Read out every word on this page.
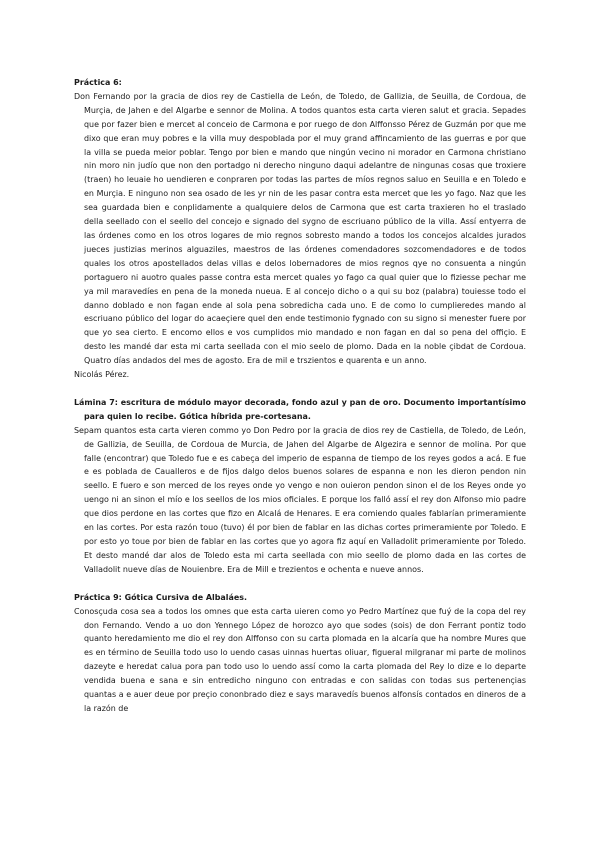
Práctica 6:

Don Fernando por la gracia de dios rey de Castiella de León, de Toledo, de Gallizia, de Seuilla, de Cordoua, de Murçia, de Jahen e del Algarbe e sennor de Molina. A todos quantos esta carta vieren salut et gracia. Sepades que por fazer bien e mercet al conceio de Carmona e por ruego de don Alffonsso Pérez de Guzmán por que me dixo que eran muy pobres e la villa muy despoblada por el muy grand affincamiento de las guerras e por que la villa se pueda meior poblar. Tengo por bien e mando que ningún vecino ni morador en Carmona christiano nin moro nin judío que non den portadgo ni derecho ninguno daqui adelantre de ningunas cosas que troxiere (traen) ho leuaie ho uendieren e conpraren por todas las partes de míos regnos saluo en Seuilla e en Toledo e en Murçia. E ninguno non sea osado de les yr nin de les pasar contra esta mercet que les yo fago. Naz que les sea guardada bien e conplidamente a qualquiere delos de Carmona que est carta traxieren ho el traslado della seellado con el seello del concejo e signado del sygno de escriuano público de la villa. Assí entyerra de las órdenes como en los otros logares de mio regnos sobresto mando a todos los concejos alcaldes jurados jueces justizias merinos alguaziles, maestros de las órdenes comendadores sozcomendadores e de todos quales los otros apostellados delas villas e delos lobernadores de mios regnos qye no consuenta a ningún portaguero ni auotro quales passe contra esta mercet quales yo fago ca qual quier que lo fiziesse pechar me ya mil maravedíes en pena de la moneda nueua. E al concejo dicho o a qui su boz (palabra) touiesse todo el danno doblado e non fagan ende al sola pena sobredicha cada uno. E de como lo cumplieredes mando al escriuano público del logar do acaeçiere quel den ende testimonio fygnado con su signo si menester fuere por que yo sea cierto. E encomo ellos e vos cumplidos mio mandado e non fagan en dal so pena del offiçio. E desto les mandé dar esta mi carta seellada con el mio seelo de plomo. Dada en la noble çibdat de Cordoua. Quatro días andados del mes de agosto. Era de mil e trszientos e quarenta e un anno.

Nicolás Pérez.

Lámina 7: escritura de módulo mayor decorada, fondo azul y pan de oro. Documento importantísimo para quien lo recibe. Gótica híbrida pre-cortesana.

Sepam quantos esta carta vieren commo yo Don Pedro por la gracia de dios rey de Castiella, de Toledo, de León, de Gallizia, de Seuilla, de Cordoua de Murcia, de Jahen del Algarbe de Algezira e sennor de molina. Por que falle (encontrar) que Toledo fue e es cabeça del imperio de espanna de tiempo de los reyes godos a acá. E fue e es poblada de Caualleros e de fijos dalgo delos buenos solares de espanna e non les dieron pendon nin seello. E fuero e son merced de los reyes onde yo vengo e non ouieron pendon sinon el de los Reyes onde yo uengo ni an sinon el mío e los seellos de los mios oficiales. E porque los falló assí el rey don Alfonso mio padre que dios perdone en las cortes que fizo en Alcalá de Henares. E era comiendo quales fablarían primeramiente en las cortes. Por esta razón touo (tuvo) él por bien de fablar en las dichas cortes primeramiente por Toledo. E por esto yo toue por bien de fablar en las cortes que yo agora fiz aquí en Valladolit primeramiente por Toledo. Et desto mandé dar alos de Toledo esta mi carta seellada con mio seello de plomo dada en las cortes de Valladolit nueve días de Nouienbre. Era de Mill e trezientos e ochenta e nueve annos.

Práctica 9: Gótica Cursiva de Albaláes.

Conosçuda cosa sea a todos los omnes que esta carta uieren como yo Pedro Martínez que fuý de la copa del rey don Fernando. Vendo a uo don Yennego López de horozco ayo que sodes (sois) de don Ferrant pontiz todo quanto heredamiento me dio el rey don Alffonso con su carta plomada en la alcaría que ha nombre Mures que es en término de Seuilla todo uso lo uendo casas uinnas huertas oliuar, figueral milgranar mi parte de molinos dazeyte e heredat calua pora pan todo uso lo uendo assí como la carta plomada del Rey lo dize e lo departe vendida buena e sana e sin entredicho ninguno con entradas e con salidas con todas sus pertenençias quantas a e auer deue por preçio cononbrado diez e says maravedís buenos alfonsís contados en dineros de a la razón de
